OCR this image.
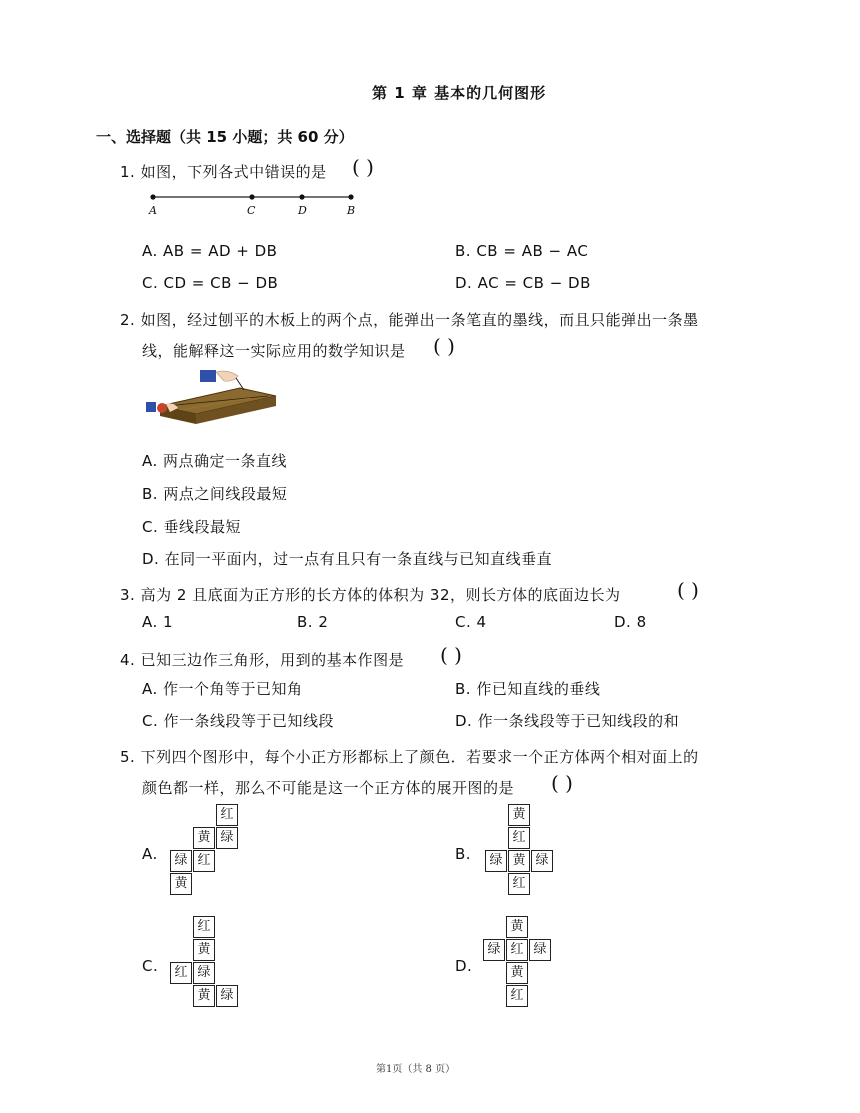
第 1 章 基本的几何图形
一、选择题（共 15 小题；共 60 分）
1. 如图，下列各式中错误的是 ( )
A	C	D	B
A. AB = AD + DB	B. CB = AB − AC
C. CD = CB − DB	D. AC = CB − DB
2. 如图，经过刨平的木板上的两个点，能弹出一条笔直的墨线，而且只能弹出一条墨
线，能解释这一实际应用的数学知识是 ( )
A. 两点确定一条直线
B. 两点之间线段最短
C. 垂线段最短
D. 在同一平面内，过一点有且只有一条直线与已知直线垂直
3. 高为 2 且底面为正方形的长方体的体积为 32，则长方体的底面边长为	( )
A. 1	B. 2	C. 4	D. 8
4. 已知三边作三角形，用到的基本作图是 ( )
A. 作一个角等于已知角	B. 作已知直线的垂线
C. 作一条线段等于已知线段	D. 作一条线段等于已知线段的和
5. 下列四个图形中，每个小正方形都标上了颜色．若要求一个正方体两个相对面上的
颜色都一样，那么不可能是这一个正方体的展开图的是 ( )
A.
红
黄 绿
绿 红
黄
B.
黄
红
绿 黄 绿
红
C.
红
黄
红 绿
黄 绿
D.
黄
绿 红 绿
黄
红
第1页（共 8 页）
